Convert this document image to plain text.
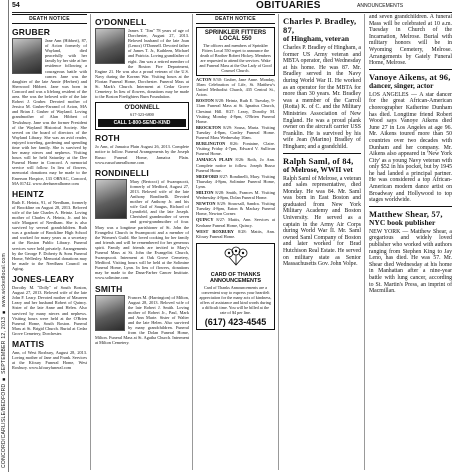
CONCORD/CARLISLE/BEDFORD ■ SEPTEMBER 12, 2013 ■ www.wickedlocal.com
54	OBITUARIES	ANNOUNCEMENTS
DEATH NOTICE
GRUBER
Jane Ann (Hibbert), 87, of Acton formerly of Wayland, died peacefully with her family by her side at her residence following a courageous battle with cancer. Jane was the daughter of the late Annie (Herbert) and Sherwood Hibbert. Jane was born in Concord and was a lifelong resident of the area. She was the beloved wife of the late Robert J. Gruber. Devoted mother of Jessica M. Gruber-Farrand of Acton, MA and Brian J. Gruber of Wayland. Loving grandmother of Alan Hibbert of Tewksbury. Jane was the former President of the Wayland Historical Society. She served on the board of directors of the Wayland Library. She was an avid reader, enjoyed traveling, gardening and spending time with her family. She is survived by her many nieces and nephews. Visiting hours will be held Saturday at the Dee Funeral Home in Concord. A memorial service will follow. In lieu of flowers, memorial donations may be made to the Emerson Hospice, 133 ORNAC, Concord, MA 01742. www.deefuneralhome.com
HEINTZ
Ruth E. Heintz, 91, of Needham, formerly of Brookline on August 28, 2013. Beloved wife of the late Charles A. Heintz. Loving mother of Charles A. Heintz, Jr. and his wife Margaret of Needham. She is also survived by several grandchildren. Ruth was a graduate of Brookline High School and worked for many years as a secretary at the Boston Public Library. Funeral services were held privately. Arrangements by the George F. Doherty & Sons Funeral Home, Wellesley. Memorial donations may be made to the Needham Council on Aging.
JONES-LEARY
Dorothy M. "Dolly" of South Boston, August 27, 2013. Beloved wife of the late John F. Leary. Devoted mother of Maureen Leary and her husband Robert of Quincy. Sister of the late Anne and Helen. Also survived by many nieces and nephews. Visiting hours were held at the O'Brien Funeral Home, South Boston. Funeral Mass at St. Brigid Church. Burial at Cedar Grove Cemetery, Dorchester.
MATTIS
Ann, of West Roxbury, August 28, 2013. Loving mother of Jane and Frank. Services at the Kfoury Funeral Home, West Roxbury. www.kfouryfuneral.com
O'DONNELL
James T. "Jim" 78 years of age of Dorchester, August 27, 2013. Beloved husband of the late Joan (Lenox) O'Donnell. Devoted father of James T. Jr., Kathleen, Michael and Patricia. Loving grandfather of eight. Jim was a retired member of the Boston Fire Department, Engine 21. He was also a proud veteran of the U.S. Navy during the Korean War. Visiting hours at the Florian Funeral Home, Dorchester. Funeral Mass at St. Mark's Church. Interment at Cedar Grove Cemetery. In lieu of flowers, donations may be made to the Boston Firefighters Burn Foundation.
O'DONNELL
617-323-6800
CALL 1-800-SEND-KIND
ROTH
Jo Ann, of Jamaica Plain August 26, 2013. Complete notice to follow. Funeral Arrangements by the Joseph Russo Funeral Home, Jamaica Plain. www.russofuneralhome.com
RONDINELLI
Mary (Bertocci) of Swampscott, formerly of Medford, August 27, 2013. Beloved wife of the late Anthony Rondinelli. Devoted mother of Anthony Jr. and his wife Gail of Saugus, Richard of Lynnfield, and the late Joseph. Cherished grandmother of seven and great-grandmother of four. Mary was a longtime parishioner of St. John the Evangelist Church in Swampscott and a member of the Women's Guild. She loved cooking for her family and friends and will be remembered for her generous spirit. Family and friends are invited to Mary's Funeral Mass at St. John the Evangelist Church, Swampscott. Interment at Oak Grove Cemetery, Medford. Visiting hours will be held at the Solimine Funeral Home, Lynn. In lieu of flowers, donations may be made to the Dana-Farber Cancer Institute. www.solimine.com
SMITH
Frances M. (Harrington) of Milton, August 28, 2013. Beloved wife of the late Robert J. Smith. Loving mother of Robert Jr., Paul, Mark and Ann Marie. Sister of Walter and the late Helen. Also survived by many grandchildren. Funeral from the Dolan Funeral Home, Milton. Funeral Mass at St. Agatha Church. Interment at Milton Cemetery.
DEATH NOTICE
SPRINKLER FITTERS LOCAL 550
The officers and members of Sprinkler Fitters Local 550 regret to announce the death of Brother Robert Hickey. Members are requested to attend the services. Wake and Funeral Mass at the Our Lady of Good Counsel Church.
ACTON 8/30: Gruber, Jane Anne. Monday, 10am Celebration of Life, St. Matthew's United Methodist Church, 435 Central St., Acton.
BOSTON 8/28: Heintz, Ruth E. Tuesday, 9-11am Funeral Mass at St. Ignatius Church, Chestnut Hill. 8/27: Leary, Dorothy M. Visiting Monday 4-8pm, O'Brien Funeral Home.
BROCKTON 8/29: Sousa, Maria. Visiting Tuesday 4-8pm, Conley Funeral Home. Funeral Mass Wednesday 10am.
BURLINGTON 8/26: Fontaine, Claire. Visiting Friday 4-7pm, Edward V. Sullivan Funeral Home.
JAMAICA PLAIN 8/26: Roth, Jo Ann. Complete notice to follow. Joseph Russo Funeral Home.
MEDFORD 8/27: Rondinelli, Mary. Visiting Thursday 4-8pm, Solimine Funeral Home, Lynn.
MILTON 8/28: Smith, Frances M. Visiting Wednesday 4-8pm, Dolan Funeral Home.
NEWTON 8/29: Strawsall, Sandra. Visiting Tuesday 4-8pm, Eaton & Mackay Funeral Home, Newton Corner.
QUINCY 8/27: Mattis, Ann. Services at Keohane Funeral Home, Quincy.
WEST ROXBURY 8/28: Mattis, Ann. Kfoury Funeral Home.
CARD OF THANKS ANNOUNCEMENTS
Card of Thanks Announcements are a convenient way to express your heartfelt appreciation for the many acts of kindness, offers of assistance and kind words during a difficult time. You will be billed at the rate of $4 per line.
(617) 423-4545
Charles P. Bradley, 87,
of Hingham, veteran
Charles P. Bradley of Hingham, a former US Army veteran and MBTA operator, died Wednesday at his home. He was 87. Mr. Bradley served in the Navy during World War II. He worked as an operator for the MBTA for more than 30 years. Mr. Bradley was a member of the Carroll (Rotta) K. of C. and the Military Ministries Association of New England. He was a proud plank owner on the aircraft carrier USS Franklin. He is survived by his wife Jean (Marino) Bradley of Hingham; and a grandchild.
Ralph Saml, of 84,
of Melrose, WWII vet
Ralph Saml of Melrose, a veteran and sales representative, died Monday. He was 84. Mr. Saml was born in East Boston and graduated from New York Military Academy and Boston University. He served as a captain in the Army Air Corps during World War II. Mr. Saml owned Saml Company of Boston and later worked for Brad Hutchison Real Estate. He served on military state as Senior Massachusetts Gov. John Volpe.
and seven grandchildren. A funeral Mass will be celebrated at 10 a.m. Tuesday in Church of the Incarnation, Melrose. Burial with military honors will be in Wyoming Cemetery, Melrose. Arrangements by Gately Funeral Home, Melrose.
Vanoye Aikens, at 96,
dancer, singer, actor
LOS ANGELES — A star dancer for the great African-American choreographer Katherine Dunham has died. Longtime friend Robert Wood says Vanoye Aikens died June 27 in Los Angeles at age 96. Mr. Aikens toured more than 50 countries over two decades with Dunham and her company. Mr. Aikens also appeared in 'New York City' as a young Navy veteran with only $52 in his pocket, but by 1945 he had landed a principal partner. He was considered a top African-American modern dance artist on Broadway and Hollywood to top stages worldwide.
Matthew Shear, 57,
NYC book publisher
NEW YORK — Matthew Shear, a gregarious and widely loved publisher who worked with authors ranging from Stephen King to Jay Leno, has died. He was 57. Mr. Shear died Wednesday at his home in Manhattan after a nine-year battle with lung cancer, according to St. Martin's Press, an imprint of Macmillan.
